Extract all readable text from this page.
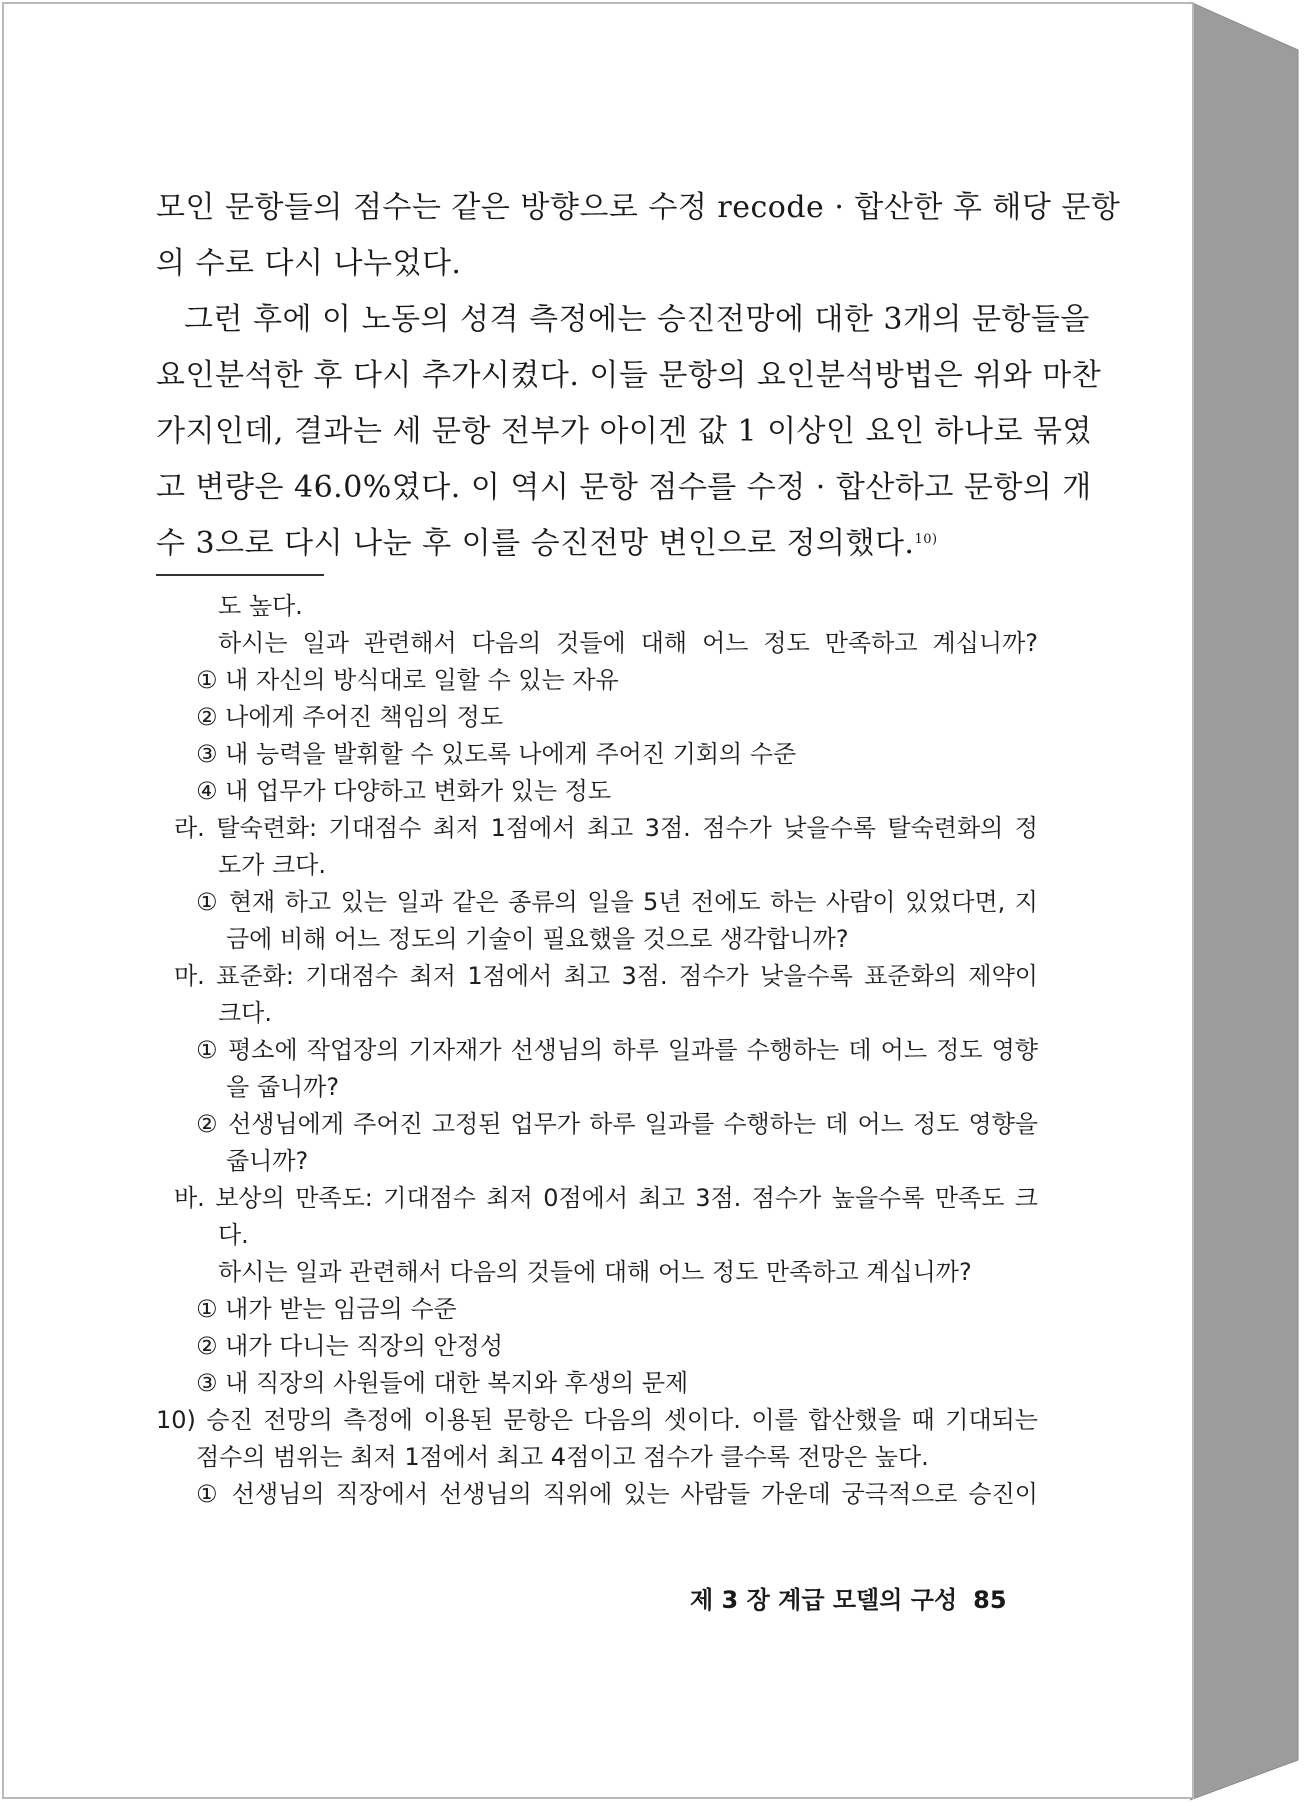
모인 문항들의 점수는 같은 방향으로 수정 recode · 합산한 후 해당 문항
의 수로 다시 나누었다.

그런 후에 이 노동의 성격 측정에는 승진전망에 대한 3개의 문항들을
요인분석한 후 다시 추가시켰다. 이들 문항의 요인분석방법은 위와 마찬
가지인데, 결과는 세 문항 전부가 아이겐 값 1 이상인 요인 하나로 묶였
고 변량은 46.0%였다. 이 역시 문항 점수를 수정 · 합산하고 문항의 개
수 3으로 다시 나눈 후 이를 승진전망 변인으로 정의했다.$^{10)}$

도 높다.
하시는 일과 관련해서 다음의 것들에 대해 어느 정도 만족하고 계십니까?
① 내 자신의 방식대로 일할 수 있는 자유
② 나에게 주어진 책임의 정도
③ 내 능력을 발휘할 수 있도록 나에게 주어진 기회의 수준
④ 내 업무가 다양하고 변화가 있는 정도
라. 탈숙련화: 기대점수 최저 1점에서 최고 3점. 점수가 낮을수록 탈숙련화의 정
도가 크다.
① 현재 하고 있는 일과 같은 종류의 일을 5년 전에도 하는 사람이 있었다면, 지
금에 비해 어느 정도의 기술이 필요했을 것으로 생각합니까?
마. 표준화: 기대점수 최저 1점에서 최고 3점. 점수가 낮을수록 표준화의 제약이
크다.
① 평소에 작업장의 기자재가 선생님의 하루 일과를 수행하는 데 어느 정도 영향
을 줍니까?
② 선생님에게 주어진 고정된 업무가 하루 일과를 수행하는 데 어느 정도 영향을
줍니까?
바. 보상의 만족도: 기대점수 최저 0점에서 최고 3점. 점수가 높을수록 만족도 크
다.
하시는 일과 관련해서 다음의 것들에 대해 어느 정도 만족하고 계십니까?
① 내가 받는 임금의 수준
② 내가 다니는 직장의 안정성
③ 내 직장의 사원들에 대한 복지와 후생의 문제
10) 승진 전망의 측정에 이용된 문항은 다음의 셋이다. 이를 합산했을 때 기대되는
점수의 범위는 최저 1점에서 최고 4점이고 점수가 클수록 전망은 높다.
① 선생님의 직장에서 선생님의 직위에 있는 사람들 가운데 궁극적으로 승진이
제 3 장 계급 모델의 구성 85
